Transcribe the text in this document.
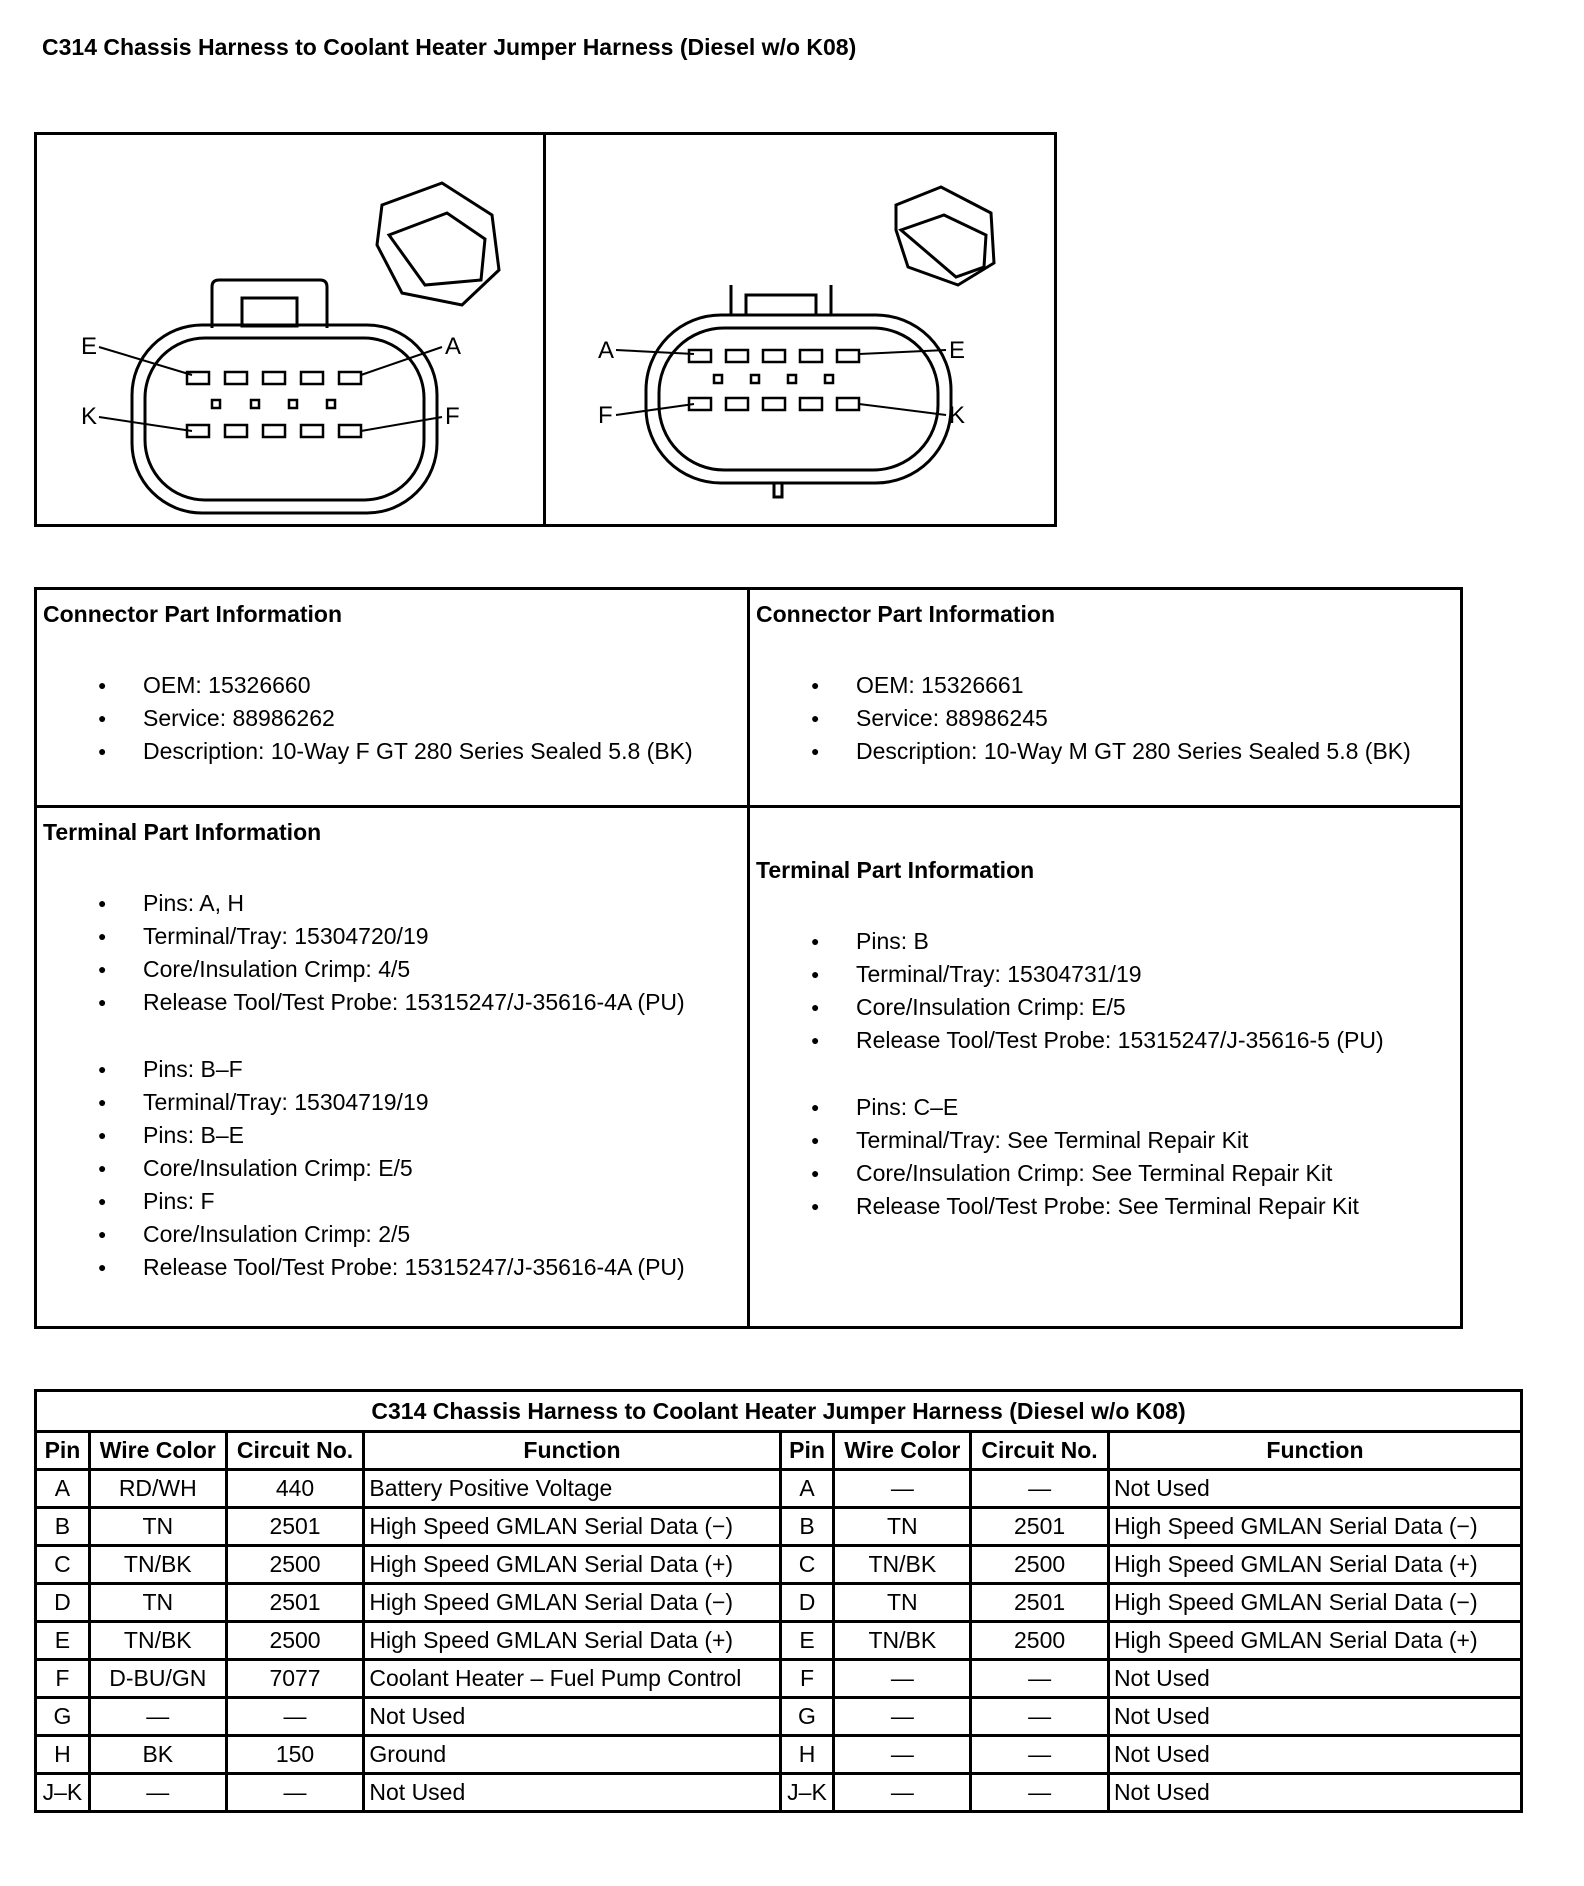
C314 Chassis Harness to Coolant Heater Jumper Harness (Diesel w/o K08)
E	A
K	F
A	E
F	K
Connector Part Information
● OEM: 15326660
● Service: 88986262
● Description: 10-Way F GT 280 Series Sealed 5.8 (BK)
Connector Part Information
● OEM: 15326661
● Service: 88986245
● Description: 10-Way M GT 280 Series Sealed 5.8 (BK)
Terminal Part Information
● Pins: A, H
● Terminal/Tray: 15304720/19
● Core/Insulation Crimp: 4/5
● Release Tool/Test Probe: 15315247/J-35616-4A (PU)
● Pins: B–F
● Terminal/Tray: 15304719/19
● Pins: B–E
● Core/Insulation Crimp: E/5
● Pins: F
● Core/Insulation Crimp: 2/5
● Release Tool/Test Probe: 15315247/J-35616-4A (PU)
Terminal Part Information
● Pins: B
● Terminal/Tray: 15304731/19
● Core/Insulation Crimp: E/5
● Release Tool/Test Probe: 15315247/J-35616-5 (PU)
● Pins: C–E
● Terminal/Tray: See Terminal Repair Kit
● Core/Insulation Crimp: See Terminal Repair Kit
● Release Tool/Test Probe: See Terminal Repair Kit
C314 Chassis Harness to Coolant Heater Jumper Harness (Diesel w/o K08)							
Pin	Wire Color	Circuit No.	Function	Pin	Wire Color	Circuit No.	Function
A	RD/WH	440	Battery Positive Voltage	A	—	—	Not Used
B	TN	2501	High Speed GMLAN Serial Data (−)	B	TN	2501	High Speed GMLAN Serial Data (−)
C	TN/BK	2500	High Speed GMLAN Serial Data (+)	C	TN/BK	2500	High Speed GMLAN Serial Data (+)
D	TN	2501	High Speed GMLAN Serial Data (−)	D	TN	2501	High Speed GMLAN Serial Data (−)
E	TN/BK	2500	High Speed GMLAN Serial Data (+)	E	TN/BK	2500	High Speed GMLAN Serial Data (+)
F	D-BU/GN	7077	Coolant Heater – Fuel Pump Control	F	—	—	Not Used
G	—	—	Not Used	G	—	—	Not Used
H	BK	150	Ground	H	—	—	Not Used
J–K	—	—	Not Used	J–K	—	—	Not Used
